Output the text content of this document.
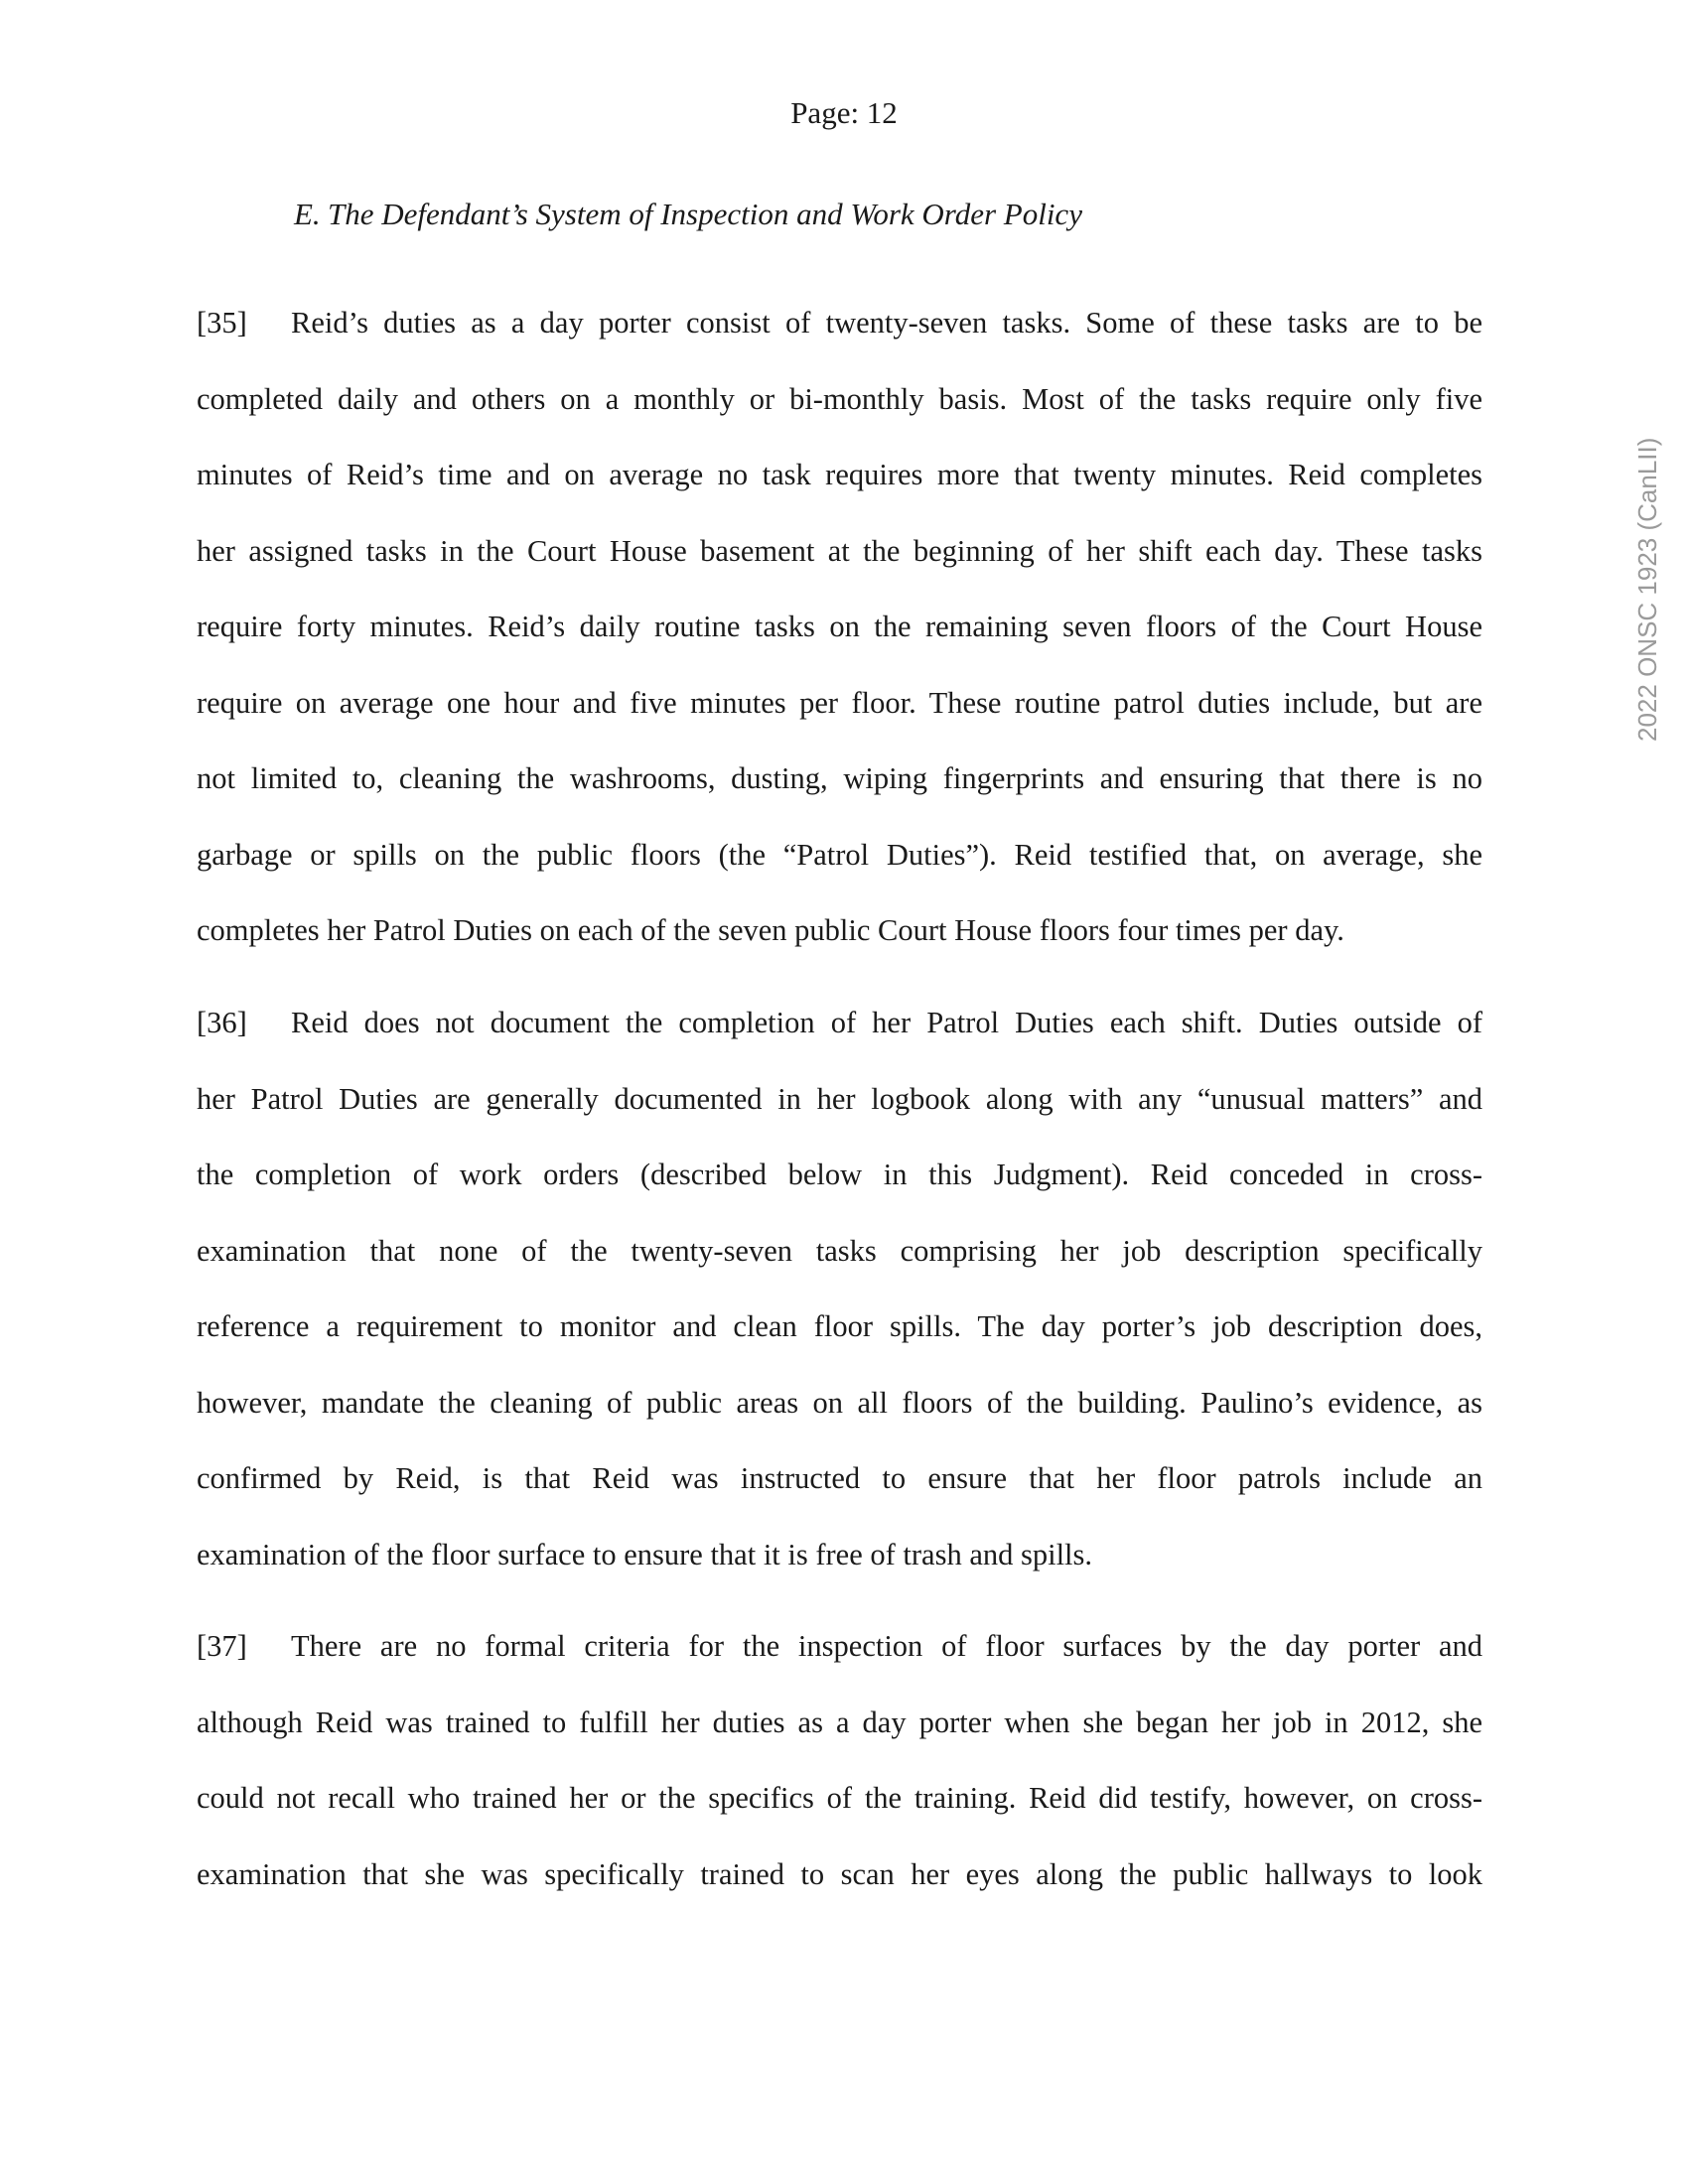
Page: 12
E. The Defendant’s System of Inspection and Work Order Policy
[35] Reid’s duties as a day porter consist of twenty-seven tasks. Some of these tasks are to be
completed daily and others on a monthly or bi-monthly basis. Most of the tasks require only five
minutes of Reid’s time and on average no task requires more that twenty minutes. Reid completes
her assigned tasks in the Court House basement at the beginning of her shift each day. These tasks
require forty minutes. Reid’s daily routine tasks on the remaining seven floors of the Court House
require on average one hour and five minutes per floor. These routine patrol duties include, but are
not limited to, cleaning the washrooms, dusting, wiping fingerprints and ensuring that there is no
garbage or spills on the public floors (the “Patrol Duties”). Reid testified that, on average, she
completes her Patrol Duties on each of the seven public Court House floors four times per day.
[36] Reid does not document the completion of her Patrol Duties each shift. Duties outside of
her Patrol Duties are generally documented in her logbook along with any “unusual matters” and
the completion of work orders (described below in this Judgment). Reid conceded in cross-
examination that none of the twenty-seven tasks comprising her job description specifically
reference a requirement to monitor and clean floor spills. The day porter’s job description does,
however, mandate the cleaning of public areas on all floors of the building. Paulino’s evidence, as
confirmed by Reid, is that Reid was instructed to ensure that her floor patrols include an
examination of the floor surface to ensure that it is free of trash and spills.
[37] There are no formal criteria for the inspection of floor surfaces by the day porter and
although Reid was trained to fulfill her duties as a day porter when she began her job in 2012, she
could not recall who trained her or the specifics of the training. Reid did testify, however, on cross-
examination that she was specifically trained to scan her eyes along the public hallways to look
2022 ONSC 1923 (CanLII)
